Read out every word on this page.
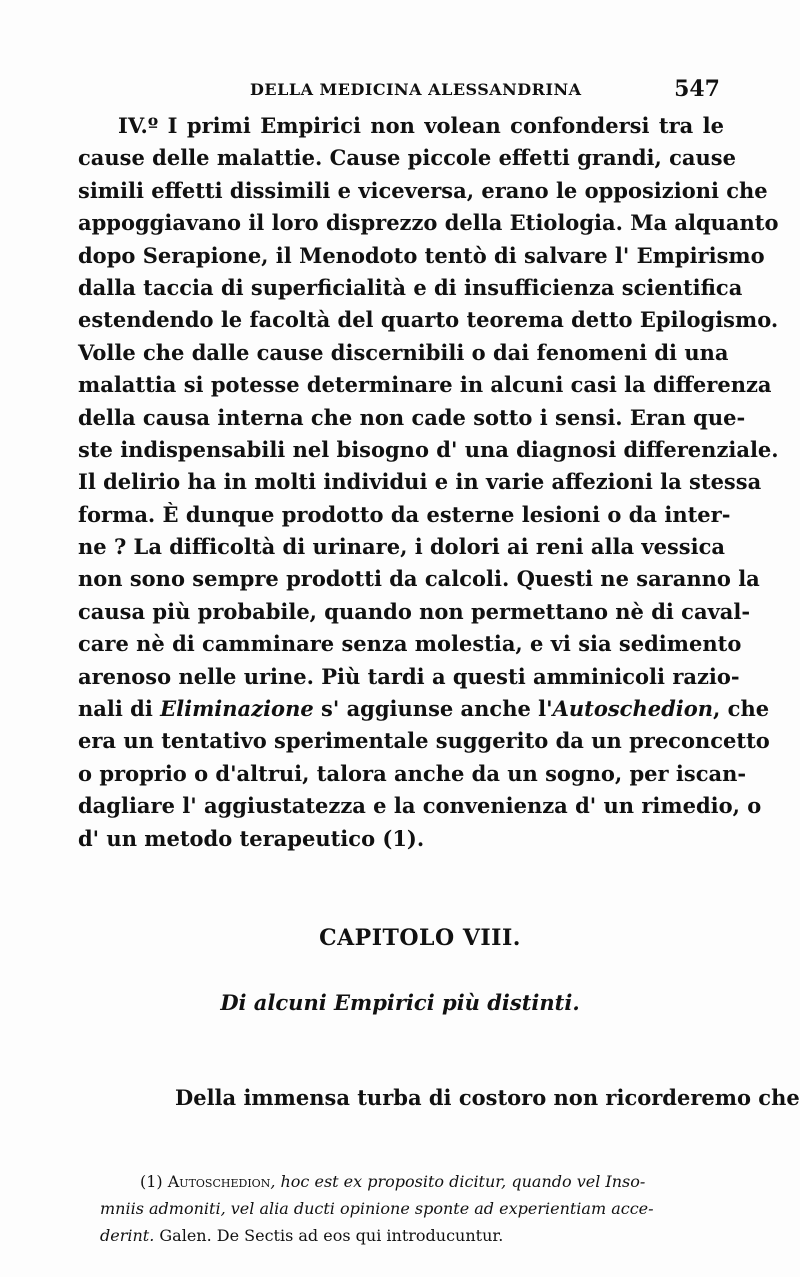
DELLA MEDICINA ALESSANDRINA	547
IV.º I primi Empirici non volean confondersi tra le
cause delle malattie. Cause piccole effetti grandi, cause
simili effetti dissimili e viceversa, erano le opposizioni che
appoggiavano il loro disprezzo della Etiologia. Ma alquanto
dopo Serapione, il Menodoto tentò di salvare l' Empirismo
dalla taccia di superficialità e di insufficienza scientifica
estendendo le facoltà del quarto teorema detto Epilogismo.
Volle che dalle cause discernibili o dai fenomeni di una
malattia si potesse determinare in alcuni casi la differenza
della causa interna che non cade sotto i sensi. Eran que-
ste indispensabili nel bisogno d' una diagnosi differenziale.
Il delirio ha in molti individui e in varie affezioni la stessa
forma. È dunque prodotto da esterne lesioni o da inter-
ne ? La difficoltà di urinare, i dolori ai reni alla vessica
non sono sempre prodotti da calcoli. Questi ne saranno la
causa più probabile, quando non permettano nè di caval-
care nè di camminare senza molestia, e vi sia sedimento
arenoso nelle urine. Più tardi a questi amminicoli razio-
nali di Eliminazione s' aggiunse anche l'Autoschedion, che
era un tentativo sperimentale suggerito da un preconcetto
o proprio o d'altrui, talora anche da un sogno, per iscan-
dagliare l' aggiustatezza e la convenienza d' un rimedio, o
d' un metodo terapeutico (1).
CAPITOLO VIII.
Di alcuni Empirici più distinti.
Della immensa turba di costoro non ricorderemo che
(1) Autoschedion, hoc est ex proposito dicitur, quando vel Inso-
mniis admoniti, vel alia ducti opinione sponte ad experientiam acce-
derint. Galen. De Sectis ad eos qui introducuntur.
